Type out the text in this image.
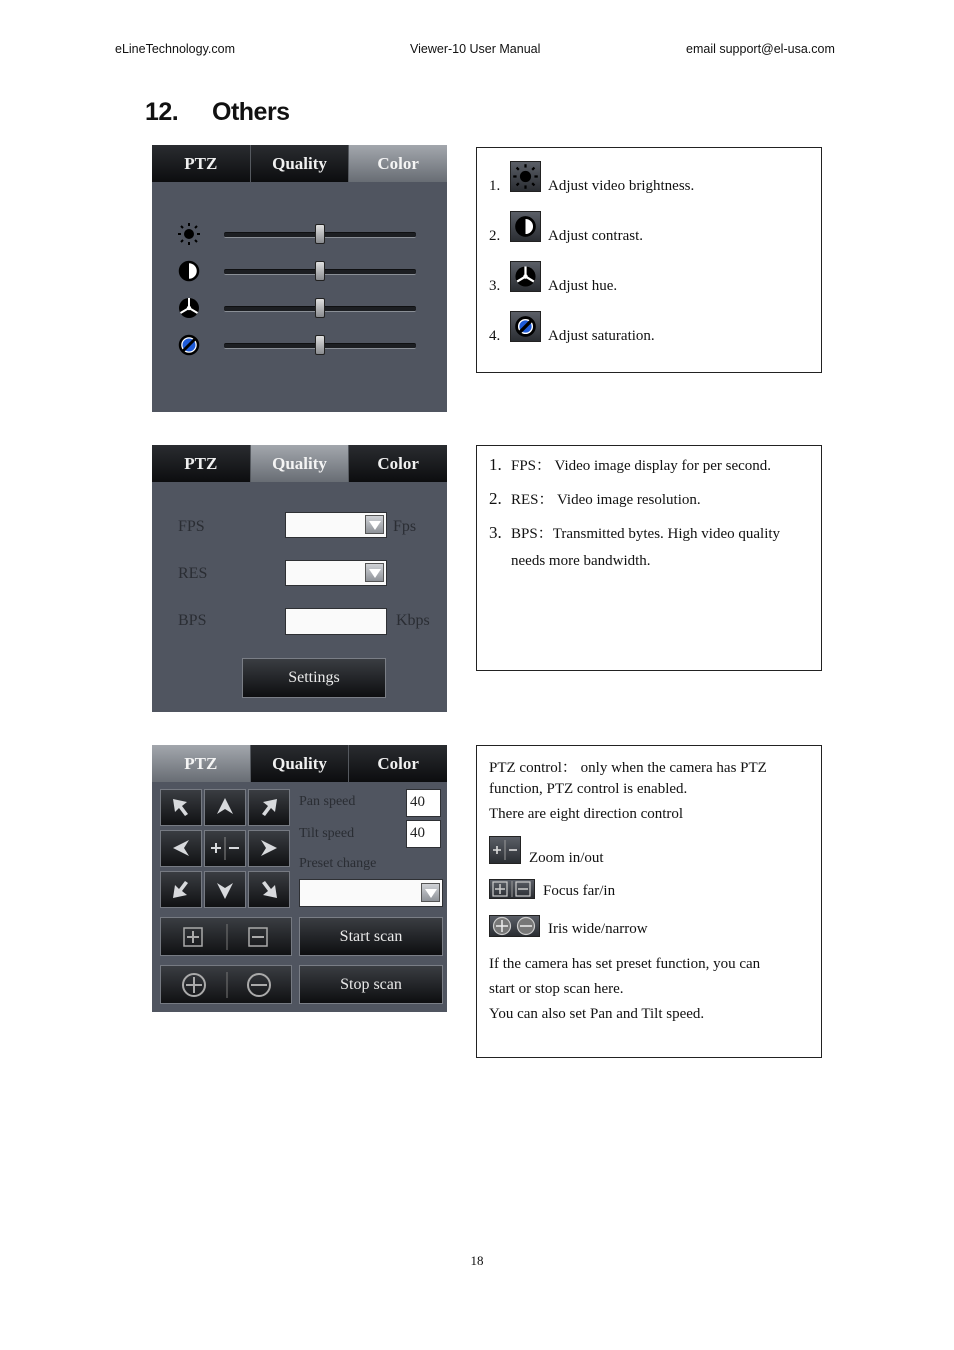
eLineTechnology.com	Viewer-10 User Manual	email support@el-usa.com
12. Others
PTZ	Quality	Color
1.	Adjust video brightness.
2.	Adjust contrast.
3.	Adjust hue.
4.	Adjust saturation.
PTZ	Quality	Color
FPS	Fps
RES
BPS	Kbps
Settings
1. FPS： Video image display for per second.
2. RES： Video image resolution.
3. BPS：Transmitted bytes. High video quality
needs more bandwidth.
PTZ	Quality	Color
Pan speed	40
Tilt speed	40
Preset change
Start scan
Stop scan
PTZ control： only when the camera has PTZ
function, PTZ control is enabled.
There are eight direction control
Zoom in/out
Focus far/in
Iris wide/narrow
If the camera has set preset function, you can
start or stop scan here.
You can also set Pan and Tilt speed.
18
